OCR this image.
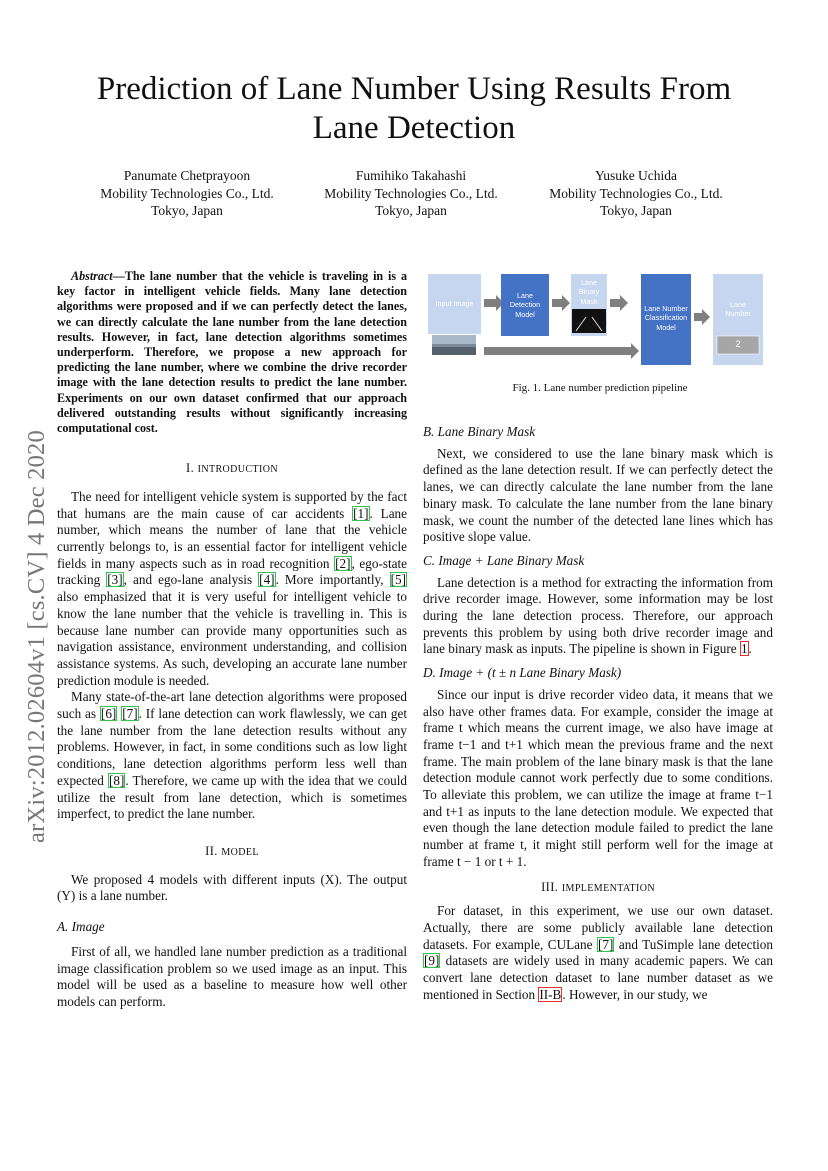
Prediction of Lane Number Using Results From Lane Detection
Panumate Chetprayoon
Mobility Technologies Co., Ltd.
Tokyo, Japan
Fumihiko Takahashi
Mobility Technologies Co., Ltd.
Tokyo, Japan
Yusuke Uchida
Mobility Technologies Co., Ltd.
Tokyo, Japan
arXiv:2012.02604v1 [cs.CV] 4 Dec 2020

Abstract—The lane number that the vehicle is traveling in is a key factor in intelligent vehicle fields. Many lane detection algorithms were proposed and if we can perfectly detect the lanes, we can directly calculate the lane number from the lane detection results. However, in fact, lane detection algorithms sometimes underperform. Therefore, we propose a new approach for predicting the lane number, where we combine the drive recorder image with the lane detection results to predict the lane number. Experiments on our own dataset confirmed that our approach delivered outstanding results without significantly increasing computational cost.

I. INTRODUCTION

The need for intelligent vehicle system is supported by the fact that humans are the main cause of car accidents [1]. Lane number, which means the number of lane that the vehicle currently belongs to, is an essential factor for intelligent vehicle fields in many aspects such as in road recognition [2], ego-state tracking [3], and ego-lane analysis [4]. More importantly, [5] also emphasized that it is very useful for intelligent vehicle to know the lane number that the vehicle is travelling in. This is because lane number can provide many opportunities such as navigation assistance, environment understanding, and collision assistance systems. As such, developing an accurate lane number prediction module is needed.

Many state-of-the-art lane detection algorithms were proposed such as [6] [7]. If lane detection can work flawlessly, we can get the lane number from the lane detection results without any problems. However, in fact, in some conditions such as low light conditions, lane detection algorithms perform less well than expected [8]. Therefore, we came up with the idea that we could utilize the result from lane detection, which is sometimes imperfect, to predict the lane number.

II. MODEL

We proposed 4 models with different inputs (X). The output (Y) is a lane number.

A. Image

First of all, we handled lane number prediction as a traditional image classification problem so we used image as an input. This model will be used as a baseline to measure how well other models can perform.

Input Image
Lane Detection Model
Lane Binary Mask
Lane Number Classification Model
Lane Number
2
Fig. 1. Lane number prediction pipeline

B. Lane Binary Mask

Next, we considered to use the lane binary mask which is defined as the lane detection result. If we can perfectly detect the lanes, we can directly calculate the lane number from the lane binary mask. To calculate the lane number from the lane binary mask, we count the number of the detected lane lines which has positive slope value.

C. Image + Lane Binary Mask

Lane detection is a method for extracting the information from drive recorder image. However, some information may be lost during the lane detection process. Therefore, our approach prevents this problem by using both drive recorder image and lane binary mask as inputs. The pipeline is shown in Figure 1.

D. Image + (t ± n Lane Binary Mask)

Since our input is drive recorder video data, it means that we also have other frames data. For example, consider the image at frame t which means the current image, we also have image at frame t−1 and t+1 which mean the previous frame and the next frame. The main problem of the lane binary mask is that the lane detection module cannot work perfectly due to some conditions. To alleviate this problem, we can utilize the image at frame t−1 and t+1 as inputs to the lane detection module. We expected that even though the lane detection module failed to predict the lane number at frame t, it might still perform well for the image at frame t − 1 or t + 1.

III. IMPLEMENTATION

For dataset, in this experiment, we use our own dataset. Actually, there are some publicly available lane detection datasets. For example, CULane [7] and TuSimple lane detection [9] datasets are widely used in many academic papers. We can convert lane detection dataset to lane number dataset as we mentioned in Section II-B. However, in our study, we
